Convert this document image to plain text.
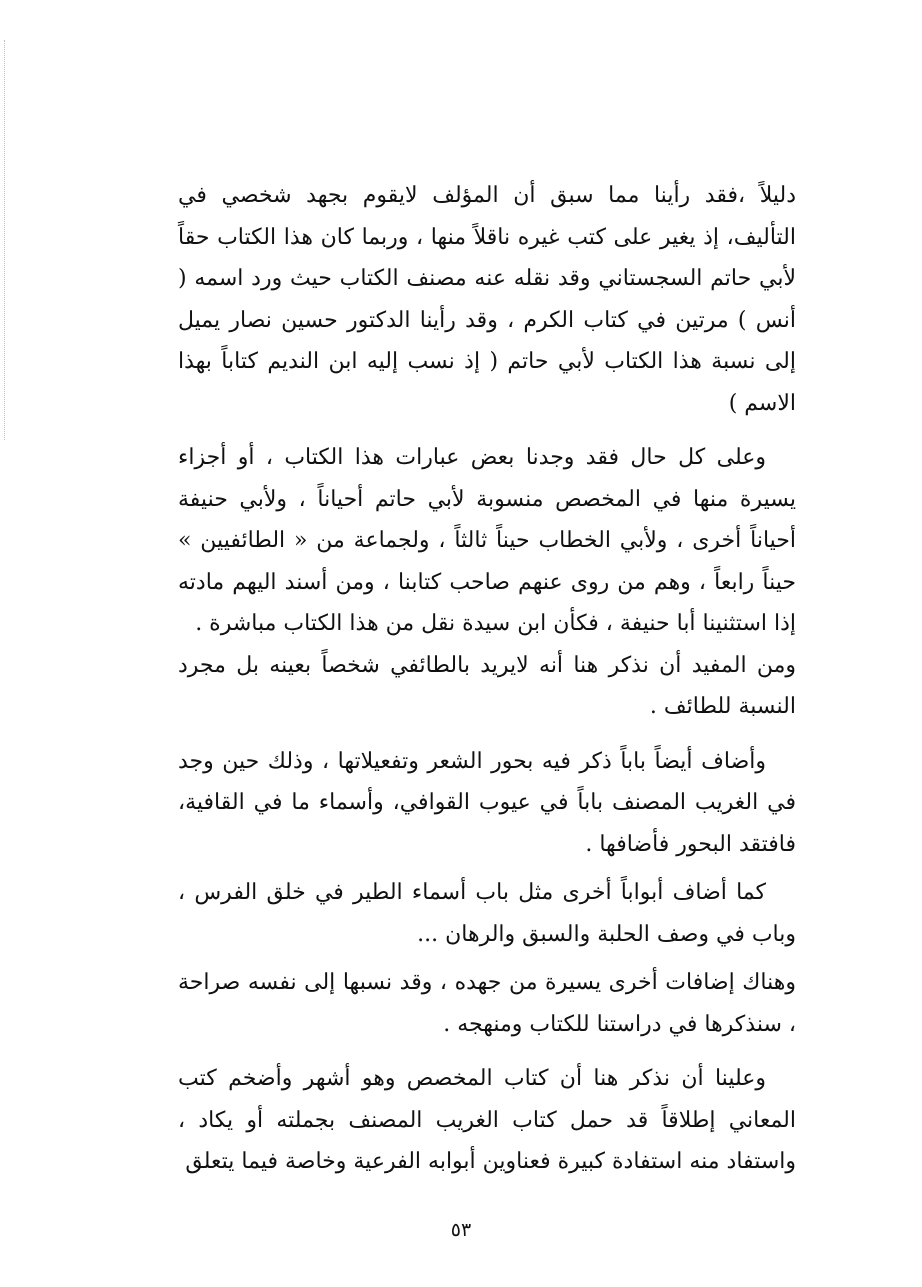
دليلاً ،فقد رأينا مما سبق أن المؤلف لايقوم بجهد شخصي في التأليف، إذ يغير على كتب غيره ناقلاً منها ، وربما كان هذا الكتاب حقاً لأبي حاتم السجستاني وقد نقله عنه مصنف الكتاب حيث ورد اسمه ( أنس ) مرتين في كتاب الكرم ، وقد رأينا الدكتور حسين نصار يميل إلى نسبة هذا الكتاب لأبي حاتم ( إذ نسب إليه ابن النديم كتاباً بهذا الاسم )

وعلى كل حال فقد وجدنا بعض عبارات هذا الكتاب ، أو أجزاء يسيرة منها في المخصص منسوبة لأبي حاتم أحياناً ، ولأبي حنيفة أحياناً أخرى ، ولأبي الخطاب حيناً ثالثاً ، ولجماعة من « الطائفيين » حيناً رابعاً ، وهم من روى عنهم صاحب كتابنا ، ومن أسند اليهم مادته إذا استثنينا أبا حنيفة ، فكأن ابن سيدة نقل من هذا الكتاب مباشرة .

ومن المفيد أن نذكر هنا أنه لايريد بالطائفي شخصاً بعينه بل مجرد النسبة للطائف .

وأضاف أيضاً باباً ذكر فيه بحور الشعر وتفعيلاتها ، وذلك حين وجد في الغريب المصنف باباً في عيوب القوافي، وأسماء ما في القافية، فافتقد البحور فأضافها .

كما أضاف أبواباً أخرى مثل باب أسماء الطير في خلق الفرس ، وباب في وصف الحلبة والسبق والرهان ...

وهناك إضافات أخرى يسيرة من جهده ، وقد نسبها إلى نفسه صراحة ، سنذكرها في دراستنا للكتاب ومنهجه .

وعلينا أن نذكر هنا أن كتاب المخصص وهو أشهر وأضخم كتب المعاني إطلاقاً قد حمل كتاب الغريب المصنف بجملته أو يكاد ، واستفاد منه استفادة كبيرة فعناوين أبوابه الفرعية وخاصة فيما يتعلق

٥٣
